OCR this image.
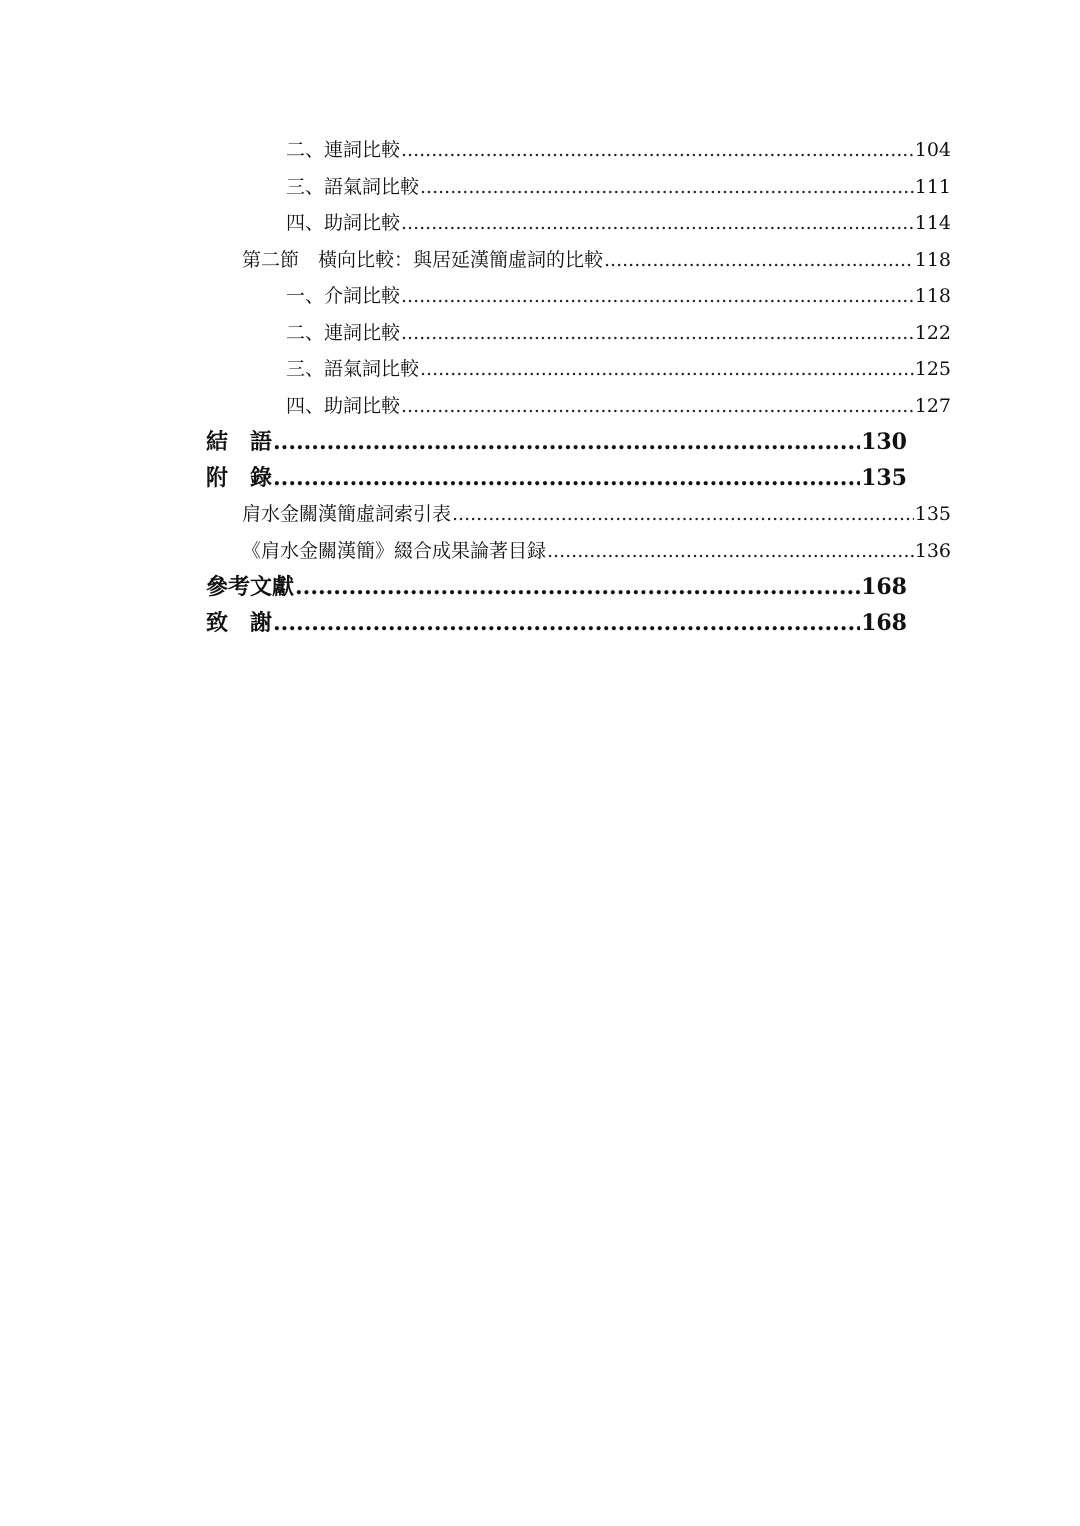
二、連詞比較 .....	104
三、語氣詞比較 .....	111
四、助詞比較 .....	114
第二節　橫向比較：與居延漢簡虛詞的比較 .....	118
一、介詞比較 .....	118
二、連詞比較 .....	122
三、語氣詞比較 .....	125
四、助詞比較 .....	127
結　語 .....	130
附　錄 .....	135
肩水金關漢簡虛詞索引表 .....	135
《肩水金關漢簡》綴合成果論著目録 .....	136
參考文獻 .....	168
致　謝 .....	168
